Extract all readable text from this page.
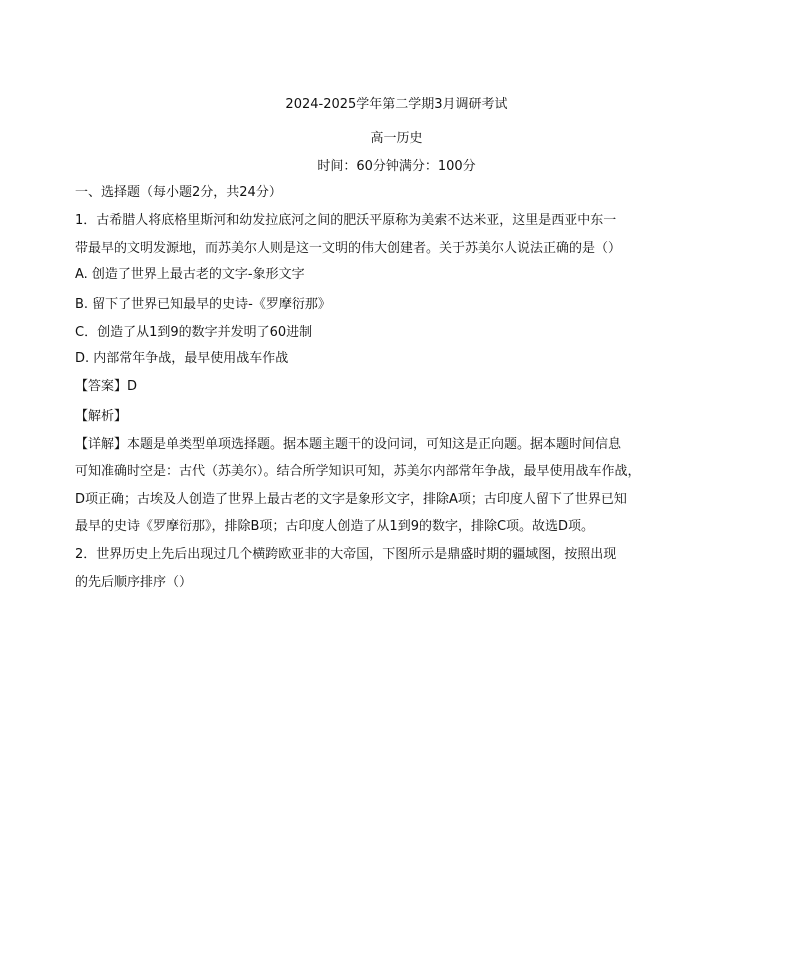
2024-2025学年第二学期3月调研考试
高一历史
时间：60分钟满分：100分
一、选择题（每小题2分，共24分）
1．古希腊人将底格里斯河和幼发拉底河之间的肥沃平原称为美索不达米亚，这里是西亚中东一
带最早的文明发源地，而苏美尔人则是这一文明的伟大创建者。关于苏美尔人说法正确的是（）
A. 创造了世界上最古老的文字-象形文字
B. 留下了世界已知最早的史诗-《罗摩衍那》
C．创造了从1到9的数字并发明了60进制
D. 内部常年争战，最早使用战车作战
【答案】D
【解析】
【详解】本题是单类型单项选择题。据本题主题干的设问词，可知这是正向题。据本题时间信息
可知准确时空是：古代（苏美尔）。结合所学知识可知，苏美尔内部常年争战，最早使用战车作战，
D项正确；古埃及人创造了世界上最古老的文字是象形文字，排除A项；古印度人留下了世界已知
最早的史诗《罗摩衍那》，排除B项；古印度人创造了从1到9的数字，排除C项。故选D项。
2．世界历史上先后出现过几个横跨欧亚非的大帝国，下图所示是鼎盛时期的疆域图，按照出现
的先后顺序排序（）
